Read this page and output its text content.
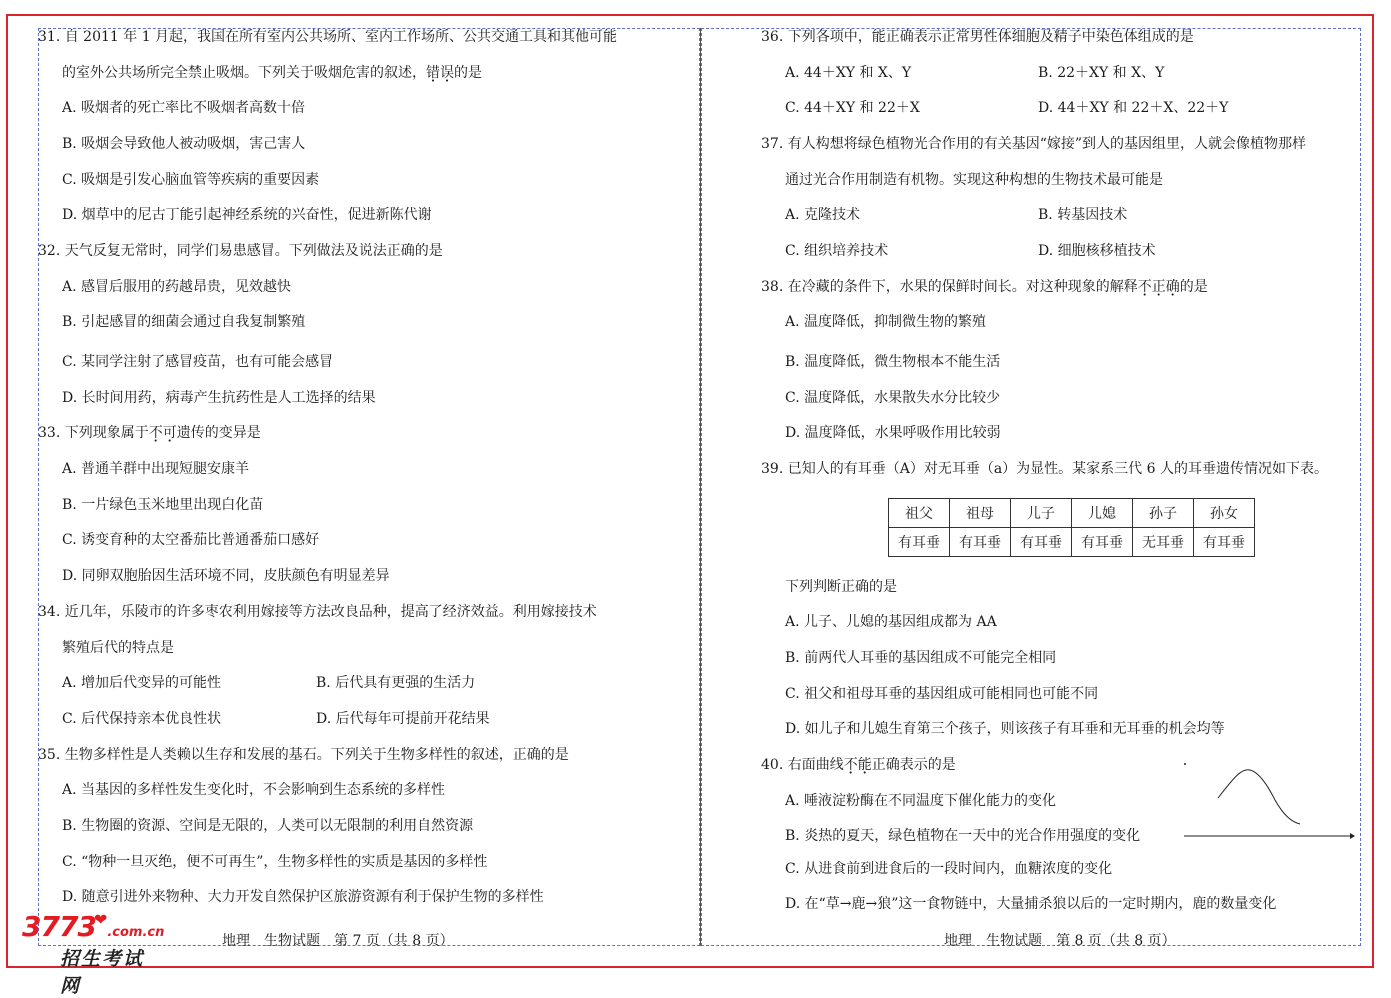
31. 自 2011 年 1 月起，我国在所有室内公共场所、室内工作场所、公共交通工具和其他可能
的室外公共场所完全禁止吸烟。下列关于吸烟危害的叙述，错误的是
A. 吸烟者的死亡率比不吸烟者高数十倍
B. 吸烟会导致他人被动吸烟，害己害人
C. 吸烟是引发心脑血管等疾病的重要因素
D. 烟草中的尼古丁能引起神经系统的兴奋性，促进新陈代谢
32. 天气反复无常时，同学们易患感冒。下列做法及说法正确的是
A. 感冒后服用的药越昂贵，见效越快
B. 引起感冒的细菌会通过自我复制繁殖
C. 某同学注射了感冒疫苗，也有可能会感冒
D. 长时间用药，病毒产生抗药性是人工选择的结果
33. 下列现象属于不可遗传的变异是
A. 普通羊群中出现短腿安康羊
B. 一片绿色玉米地里出现白化苗
C. 诱变育种的太空番茄比普通番茄口感好
D. 同卵双胞胎因生活环境不同，皮肤颜色有明显差异
34. 近几年，乐陵市的许多枣农利用嫁接等方法改良品种，提高了经济效益。利用嫁接技术
繁殖后代的特点是
A. 增加后代变异的可能性	B. 后代具有更强的生活力
C. 后代保持亲本优良性状	D. 后代每年可提前开花结果
35. 生物多样性是人类赖以生存和发展的基石。下列关于生物多样性的叙述，正确的是
A. 当基因的多样性发生变化时，不会影响到生态系统的多样性
B. 生物圈的资源、空间是无限的，人类可以无限制的利用自然资源
C. “物种一旦灭绝，便不可再生”，生物多样性的实质是基因的多样性
D. 随意引进外来物种、大力开发自然保护区旅游资源有利于保护生物的多样性
36. 下列各项中，能正确表示正常男性体细胞及精子中染色体组成的是
A. 44＋XY 和 X、Y	B. 22＋XY 和 X、Y
C. 44＋XY 和 22＋X	D. 44＋XY 和 22＋X、22＋Y
37. 有人构想将绿色植物光合作用的有关基因“嫁接”到人的基因组里，人就会像植物那样
通过光合作用制造有机物。实现这种构想的生物技术最可能是
A. 克隆技术	B. 转基因技术
C. 组织培养技术	D. 细胞核移植技术
38. 在冷藏的条件下，水果的保鲜时间长。对这种现象的解释不正确的是
A. 温度降低，抑制微生物的繁殖
B. 温度降低，微生物根本不能生活
C. 温度降低，水果散失水分比较少
D. 温度降低，水果呼吸作用比较弱
39. 已知人的有耳垂（A）对无耳垂（a）为显性。某家系三代 6 人的耳垂遗传情况如下表。
下列判断正确的是
A. 儿子、儿媳的基因组成都为 AA
B. 前两代人耳垂的基因组成不可能完全相同
C. 祖父和祖母耳垂的基因组成可能相同也可能不同
D. 如儿子和儿媳生育第三个孩子，则该孩子有耳垂和无耳垂的机会均等
40. 右面曲线不能正确表示的是
A. 唾液淀粉酶在不同温度下催化能力的变化
B. 炎热的夏天，绿色植物在一天中的光合作用强度的变化
C. 从进食前到进食后的一段时间内，血糖浓度的变化
D. 在“草→鹿→狼”这一食物链中，大量捕杀狼以后的一定时期内，鹿的数量变化
祖父	祖母	儿子	儿媳	孙子	孙女
有耳垂	有耳垂	有耳垂	有耳垂	无耳垂	有耳垂
地理　生物试题　第 7 页（共 8 页）	地理　生物试题　第 8 页（共 8 页）
3773❤.com.cn
招生考试网
